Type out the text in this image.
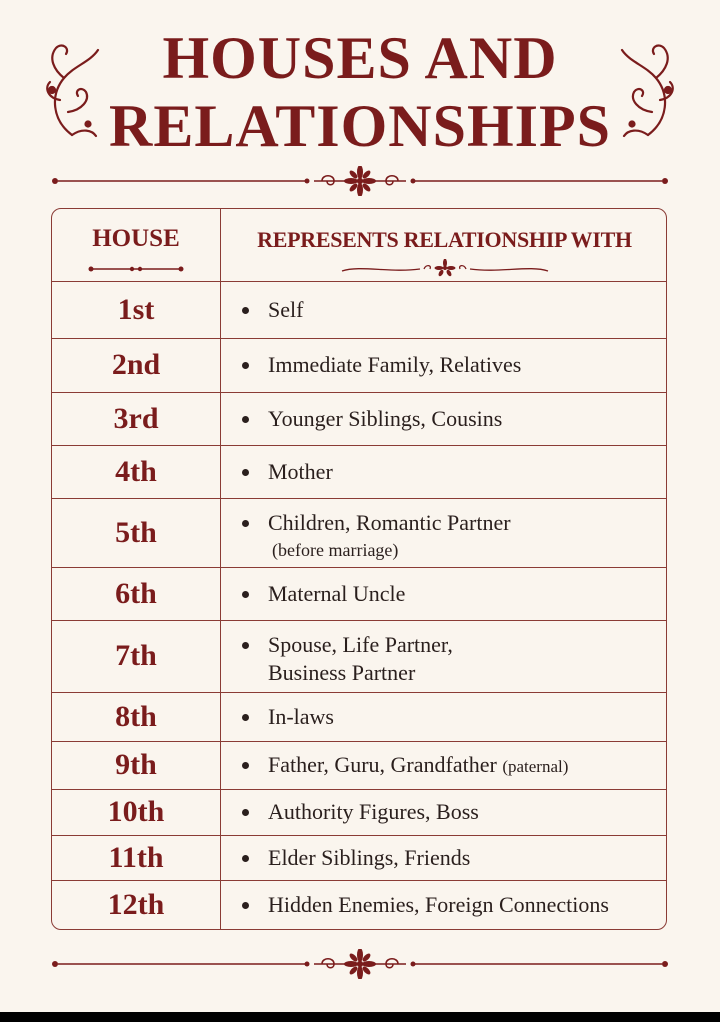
HOUSES AND
RELATIONSHIPS
HOUSE	REPRESENTS RELATIONSHIP WITH
1st	Self
2nd	Immediate Family, Relatives
3rd	Younger Siblings, Cousins
4th	Mother
5th	Children, Romantic Partner
(before marriage)
6th	Maternal Uncle
7th	Spouse, Life Partner,
Business Partner
8th	In-laws
9th	Father, Guru, Grandfather (paternal)
10th	Authority Figures, Boss
11th	Elder Siblings, Friends
12th	Hidden Enemies, Foreign Connections
